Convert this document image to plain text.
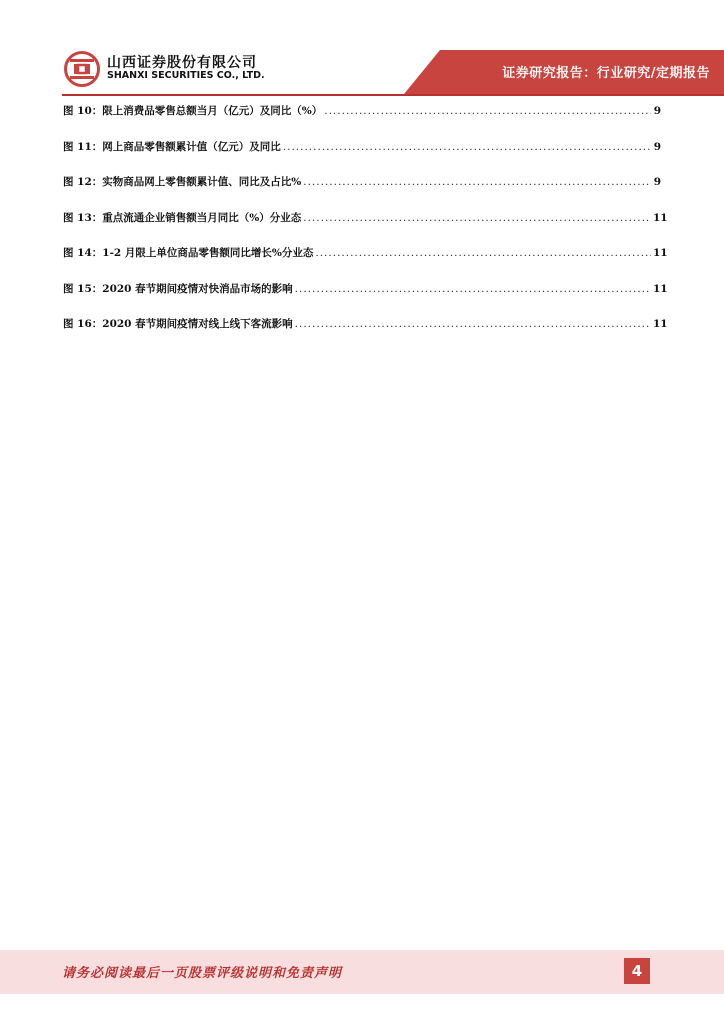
山西证券股份有限公司
SHANXI SECURITIES CO., LTD.	证券研究报告：行业研究/定期报告
图 10：限上消费品零售总额当月（亿元）及同比（%） .....	9
图 11：网上商品零售额累计值（亿元）及同比 .....	9
图 12：实物商品网上零售额累计值、同比及占比% .....	9
图 13：重点流通企业销售额当月同比（%）分业态 .....	11
图 14：1-2 月限上单位商品零售额同比增长%分业态 .....	11
图 15：2020 春节期间疫情对快消品市场的影响 .....	11
图 16：2020 春节期间疫情对线上线下客流影响 .....	11
请务必阅读最后一页股票评级说明和免责声明	4
